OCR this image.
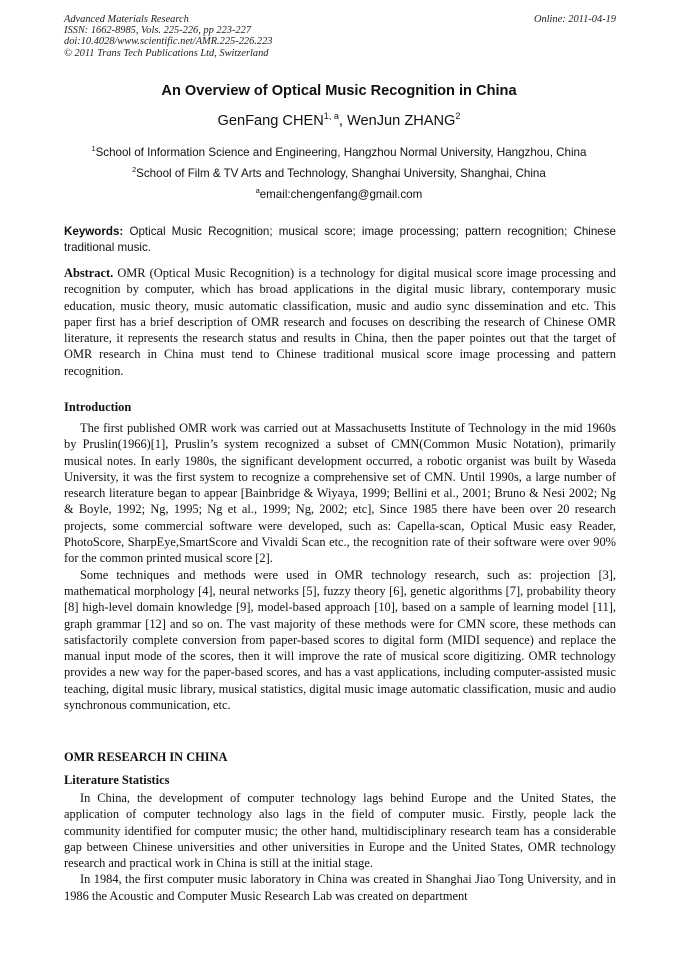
Advanced Materials Research
ISSN: 1662-8985, Vols. 225-226, pp 223-227
doi:10.4028/www.scientific.net/AMR.225-226.223
© 2011 Trans Tech Publications Ltd, Switzerland
Online: 2011-04-19
An Overview of Optical Music Recognition in China
GenFang CHEN$^{1, a}$, WenJun ZHANG$^2$
$^1$School of Information Science and Engineering, Hangzhou Normal University, Hangzhou, China
$^2$School of Film & TV Arts and Technology, Shanghai University, Shanghai, China
$^a$email:chengenfang@gmail.com
Keywords: Optical Music Recognition; musical score; image processing; pattern recognition; Chinese traditional music.

Abstract. OMR (Optical Music Recognition) is a technology for digital musical score image processing and recognition by computer, which has broad applications in the digital music library, contemporary music education, music theory, music automatic classification, music and audio sync dissemination and etc. This paper first has a brief description of OMR research and focuses on describing the research of Chinese OMR literature, it represents the research status and results in China, then the paper pointes out that the target of OMR research in China must tend to Chinese traditional musical score image processing and pattern recognition.

Introduction

The first published OMR work was carried out at Massachusetts Institute of Technology in the mid 1960s by Pruslin(1966)[1], Pruslin’s system recognized a subset of CMN(Common Music Notation), primarily musical notes. In early 1980s, the significant development occurred, a robotic organist was built by Waseda University, it was the first system to recognize a comprehensive set of CMN. Until 1990s, a large number of research literature began to appear [Bainbridge & Wiyaya, 1999; Bellini et al., 2001; Bruno & Nesi 2002; Ng & Boyle, 1992; Ng, 1995; Ng et al., 1999; Ng, 2002; etc], Since 1985 there have been over 20 research projects, some commercial software were developed, such as: Capella-scan, Optical Music easy Reader, PhotoScore, SharpEye,SmartScore and Vivaldi Scan etc., the recognition rate of their software were over 90% for the common printed musical score [2].

Some techniques and methods were used in OMR technology research, such as: projection [3], mathematical morphology [4], neural networks [5], fuzzy theory [6], genetic algorithms [7], probability theory [8] high-level domain knowledge [9], model-based approach [10], based on a sample of learning model [11], graph grammar [12] and so on. The vast majority of these methods were for CMN score, these methods can satisfactorily complete conversion from paper-based scores to digital form (MIDI sequence) and replace the manual input mode of the scores, then it will improve the rate of musical score digitizing. OMR technology provides a new way for the paper-based scores, and has a vast applications, including computer-assisted music teaching, digital music library, musical statistics, digital music image automatic classification, music and audio synchronous communication, etc.

OMR RESEARCH IN CHINA
Literature Statistics

In China, the development of computer technology lags behind Europe and the United States, the application of computer technology also lags in the field of computer music. Firstly, people lack the community identified for computer music; the other hand, multidisciplinary research team has a considerable gap between Chinese universities and other universities in Europe and the United States, OMR technology research and practical work in China is still at the initial stage.

In 1984, the first computer music laboratory in China was created in Shanghai Jiao Tong University, and in 1986 the Acoustic and Computer Music Research Lab was created on department
